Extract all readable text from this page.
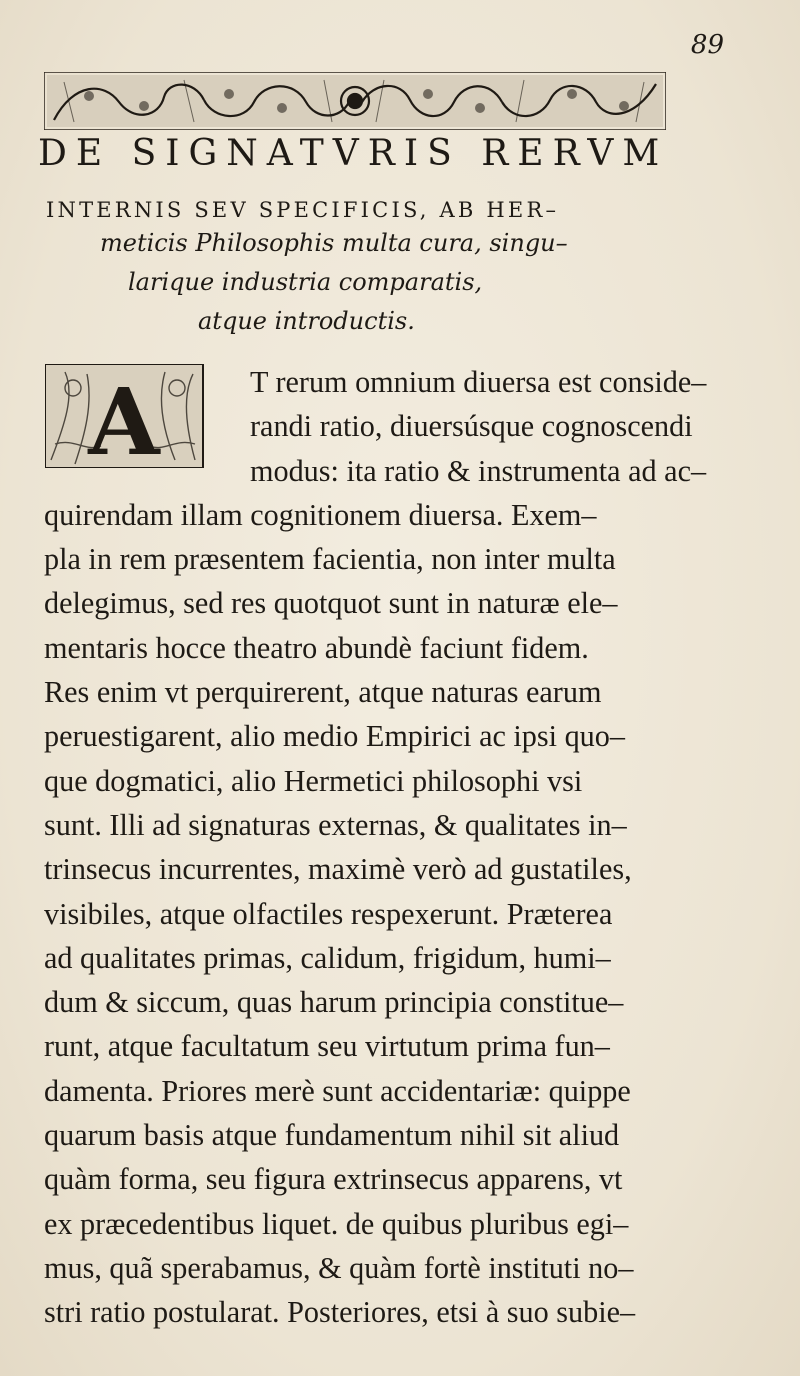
89
DE SIGNATVRIS RERVM
INTERNIS SEV SPECIFICIS, AB HER–
meticis Philosophis multa cura, singu–
larique industria comparatis,
atque introductis.
A	T rerum omnium diuersa est conside–
randi ratio, diuersúsque cognoscendi
modus: ita ratio & instrumenta ad ac–
quirendam illam cognitionem diuersa. Exem–
pla in rem præsentem facientia, non inter multa
delegimus, sed res quotquot sunt in naturæ ele–
mentaris hocce theatro abundè faciunt fidem.
Res enim vt perquirerent, atque naturas earum
peruestigarent, alio medio Empirici ac ipsi quo–
que dogmatici, alio Hermetici philosophi vsi
sunt. Illi ad signaturas externas, & qualitates in–
trinsecus incurrentes, maximè verò ad gustatiles,
visibiles, atque olfactiles respexerunt. Præterea
ad qualitates primas, calidum, frigidum, humi–
dum & siccum, quas harum principia constitue–
runt, atque facultatum seu virtutum prima fun–
damenta. Priores merè sunt accidentariæ: quippe
quarum basis atque fundamentum nihil sit aliud
quàm forma, seu figura extrinsecus apparens, vt
ex præcedentibus liquet. de quibus pluribus egi–
mus, quã sperabamus, & quàm fortè instituti no–
stri ratio postularat. Posteriores, etsi à suo subie–
